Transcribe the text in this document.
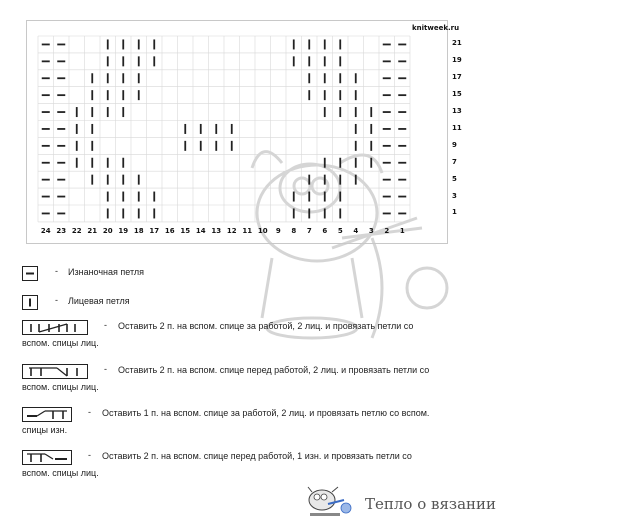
knitweek.ru
21
19
17
15
13
11
9
7
5
3
1
24 23 22 21 20 19 18 17 16 15 14 13 12 11 10	9	8	7	6	5	4	3	2	1
- Изнаночная петля
- Лицевая петля
- Оставить 2 п. на вспом. спице за работой, 2 лиц. и провязать петли со
вспом. спицы лиц.
- Оставить 2 п. на вспом. спице перед работой, 2 лиц. и провязать петли со
вспом. спицы лиц.
- Оставить 1 п. на вспом. спице за работой, 2 лиц. и провязать петлю со вспом.
спицы изн.
- Оставить 2 п. на вспом. спице перед работой, 1 изн. и провязать петли со
вспом. спицы лиц.
Тепло о вязании
